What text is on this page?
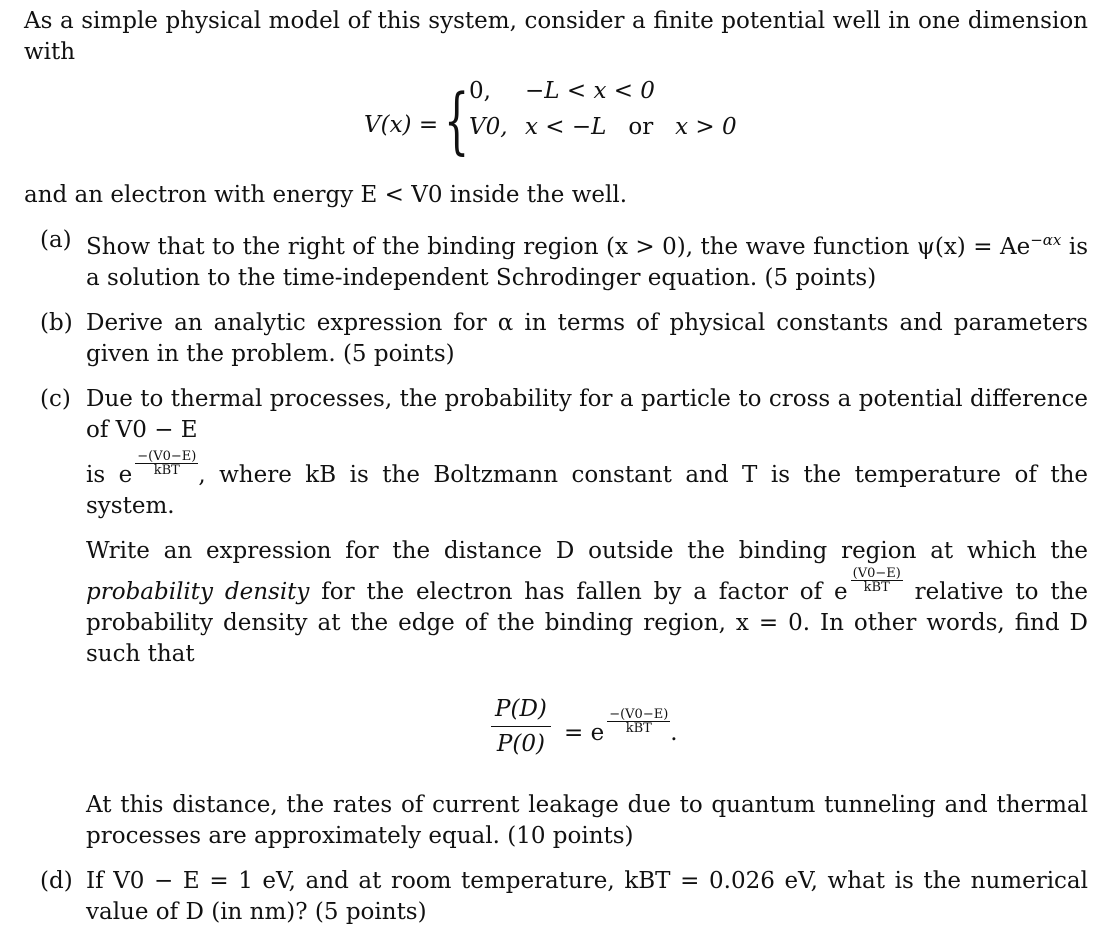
As a simple physical model of this system, consider a finite potential well in one dimension with

V(x) = { 0, −L < x < 0
V0, x < −L or x > 0

and an electron with energy E < V0 inside the well.

(a) Show that to the right of the binding region (x > 0), the wave function $\psi(x) = Ae^{-\alpha x}$ is a solution to the time-independent Schrodinger equation. (5 points)
(b) Derive an analytic expression for α in terms of physical constants and parameters given in the problem. (5 points)
(c) Due to thermal processes, the probability for a particle to cross a potential difference of V0 − E
is e $\frac{-(V0-E)}{\text{kBT}}$ , where kB is the Boltzmann constant and T is the temperature of the system.
Write an expression for the distance D outside the binding region at which the probability density for the electron has fallen by a factor of e $\frac{(V0-E)}{\text{kBT}}$ relative to the probability density at the edge of the binding region, x = 0. In other words, find D such that
$\frac{P(D)}{P(0)} = e \frac{-(V0-E)}{\text{kBT}}$ .
At this distance, the rates of current leakage due to quantum tunneling and thermal processes are approximately equal. (10 points)
(d) If V0 − E = 1 eV, and at room temperature, kBT = 0.026 eV, what is the numerical value of D (in nm)? (5 points)
